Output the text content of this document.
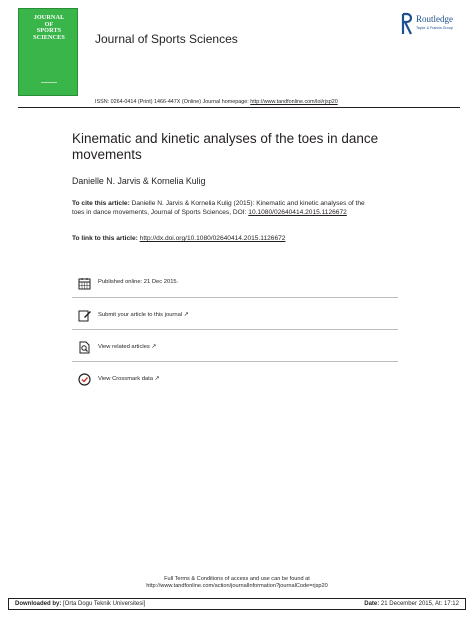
JOURNAL
OF
SPORTS
SCIENCES	Journal of Sports Sciences
Routledge
Taylor & Francis Group
ISSN: 0264-0414 (Print) 1466-447X (Online) Journal homepage: http://www.tandfonline.com/loi/rjsp20
Kinematic and kinetic analyses of the toes in dance movements
Danielle N. Jarvis & Kornelia Kulig
To cite this article: Danielle N. Jarvis & Kornelia Kulig (2015): Kinematic and kinetic analyses of the toes in dance movements, Journal of Sports Sciences, DOI: 10.1080/02640414.2015.1126672
To link to this article: http://dx.doi.org/10.1080/02640414.2015.1126672
Published online: 21 Dec 2015.
Submit your article to this journal ↗
View related articles ↗
View Crossmark data ↗
Full Terms & Conditions of access and use can be found at
http://www.tandfonline.com/action/journalInformation?journalCode=rjsp20
Downloaded by: [Orta Dogu Teknik Universitesi]	Date: 21 December 2015, At: 17:12
